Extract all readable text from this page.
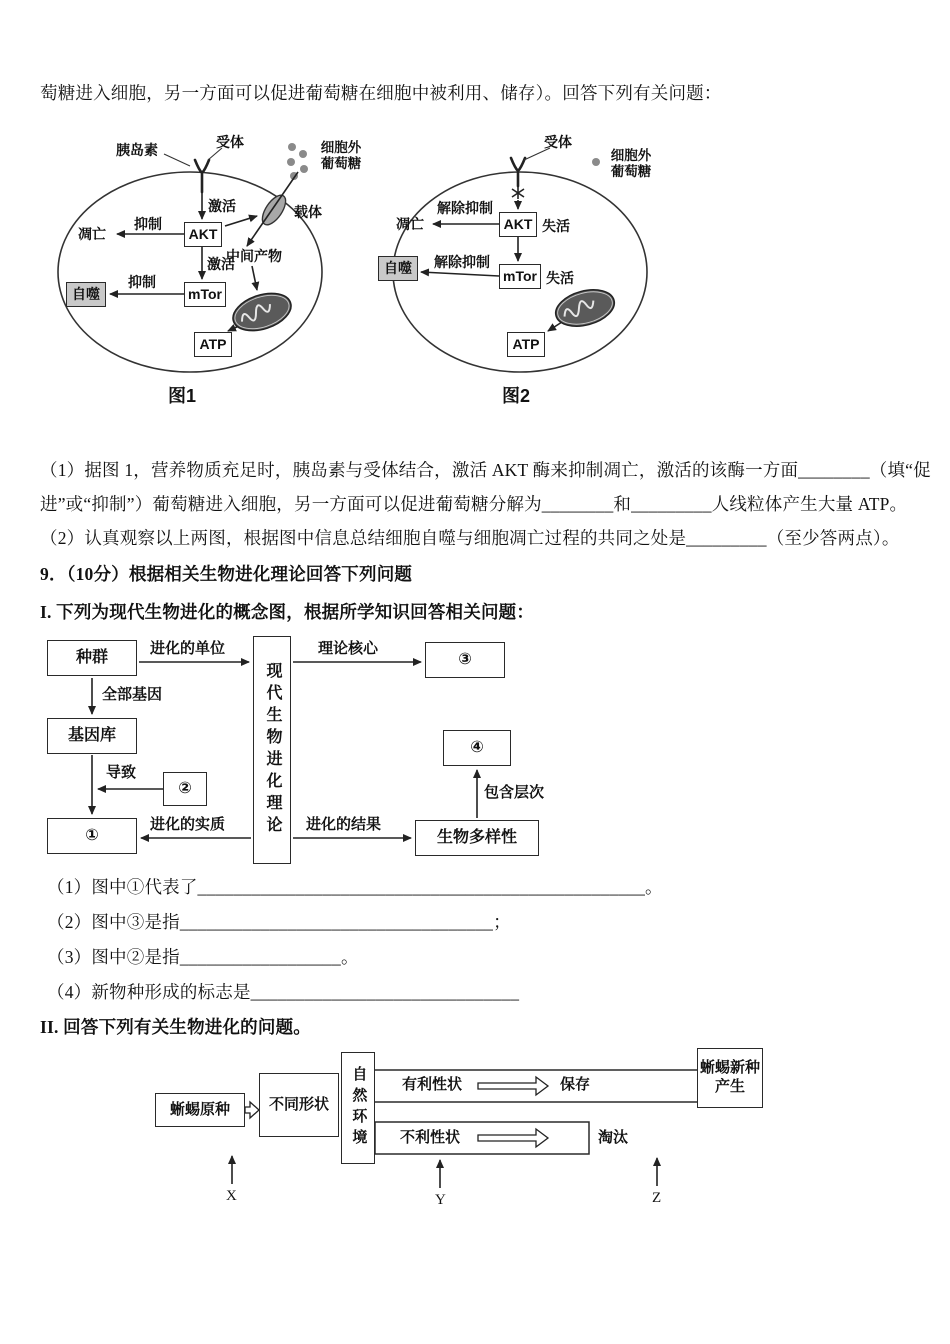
萄糖进入细胞，另一方面可以促进葡萄糖在细胞中被利用、储存）。回答下列有关问题：
胰岛素	受体	细胞外葡萄糖
激活
抑制
凋亡	AKT
载体
中间产物
激活
抑制
自噬	mTor
ATP
图1
受体
细胞外葡萄糖
解除抑制
凋亡	AKT 失活
自噬	解除抑制
mTor 失活
ATP
图2
（1）据图 1，营养物质充足时，胰岛素与受体结合，激活 AKT 酶来抑制凋亡，激活的该酶一方面________（填“促
进”或“抑制”）葡萄糖进入细胞，另一方面可以促进葡萄糖分解为________和_________人线粒体产生大量 ATP。
（2）认真观察以上两图，根据图中信息总结细胞自噬与细胞凋亡过程的共同之处是_________（至少答两点）。
9．（10分）根据相关生物进化理论回答下列问题
I. 下列为现代生物进化的概念图，根据所学知识回答相关问题：
种群
进化的单位
现代生物进化理论
理论核心
③
全部基因
基因库
导致
②
④
包含层次
①
进化的实质	进化的结果
生物多样性
（1）图中①代表了__________________________________________________。
（2）图中③是指___________________________________；
（3）图中②是指__________________。
（4）新物种形成的标志是______________________________
II. 回答下列有关生物进化的问题。
蜥蜴原种	不同形状	自然环境	有利性状	保存
蜥蜴新种产生
不利性状	淘汰
X	Y	Z
